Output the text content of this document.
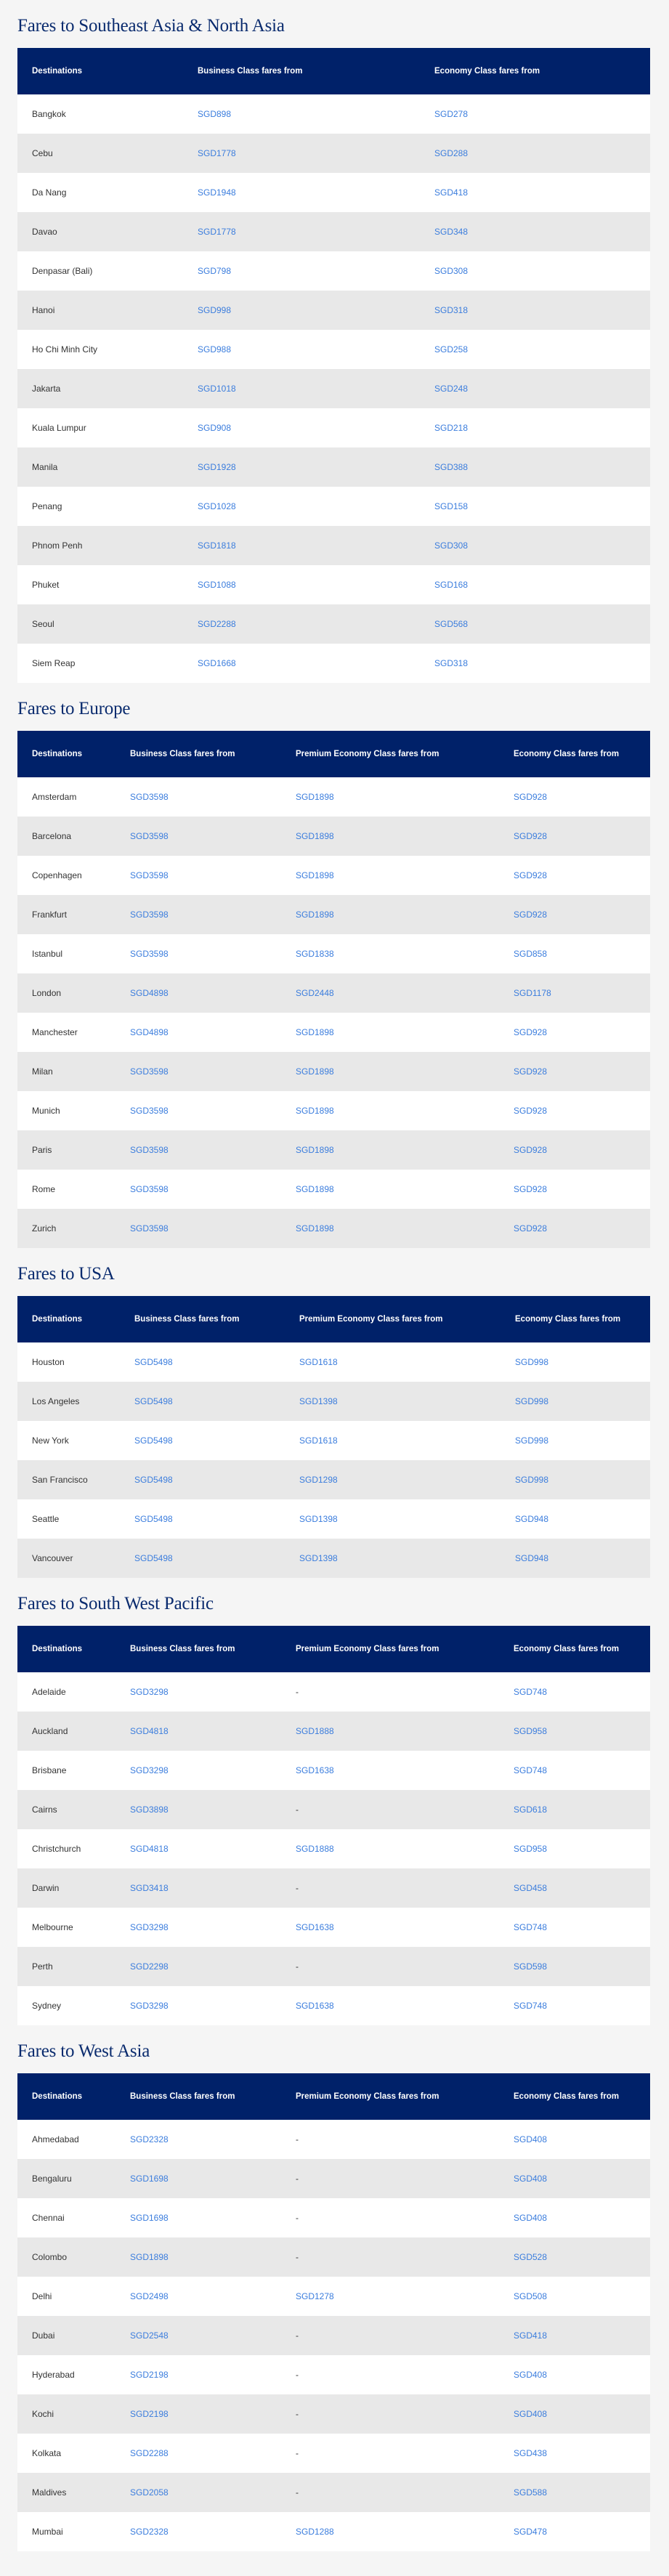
Fares to Southeast Asia & North Asia
Destinations	Business Class fares from	Economy Class fares from
Bangkok	SGD898	SGD278
Cebu	SGD1778	SGD288
Da Nang	SGD1948	SGD418
Davao	SGD1778	SGD348
Denpasar (Bali)	SGD798	SGD308
Hanoi	SGD998	SGD318
Ho Chi Minh City	SGD988	SGD258
Jakarta	SGD1018	SGD248
Kuala Lumpur	SGD908	SGD218
Manila	SGD1928	SGD388
Penang	SGD1028	SGD158
Phnom Penh	SGD1818	SGD308
Phuket	SGD1088	SGD168
Seoul	SGD2288	SGD568
Siem Reap	SGD1668	SGD318
Fares to Europe
Destinations	Business Class fares from	Premium Economy Class fares from	Economy Class fares from
Amsterdam	SGD3598	SGD1898	SGD928
Barcelona	SGD3598	SGD1898	SGD928
Copenhagen	SGD3598	SGD1898	SGD928
Frankfurt	SGD3598	SGD1898	SGD928
Istanbul	SGD3598	SGD1838	SGD858
London	SGD4898	SGD2448	SGD1178
Manchester	SGD4898	SGD1898	SGD928
Milan	SGD3598	SGD1898	SGD928
Munich	SGD3598	SGD1898	SGD928
Paris	SGD3598	SGD1898	SGD928
Rome	SGD3598	SGD1898	SGD928
Zurich	SGD3598	SGD1898	SGD928
Fares to USA
Destinations	Business Class fares from	Premium Economy Class fares from	Economy Class fares from
Houston	SGD5498	SGD1618	SGD998
Los Angeles	SGD5498	SGD1398	SGD998
New York	SGD5498	SGD1618	SGD998
San Francisco	SGD5498	SGD1298	SGD998
Seattle	SGD5498	SGD1398	SGD948
Vancouver	SGD5498	SGD1398	SGD948
Fares to South West Pacific
Destinations	Business Class fares from	Premium Economy Class fares from	Economy Class fares from
Adelaide	SGD3298	-	SGD748
Auckland	SGD4818	SGD1888	SGD958
Brisbane	SGD3298	SGD1638	SGD748
Cairns	SGD3898	-	SGD618
Christchurch	SGD4818	SGD1888	SGD958
Darwin	SGD3418	-	SGD458
Melbourne	SGD3298	SGD1638	SGD748
Perth	SGD2298	-	SGD598
Sydney	SGD3298	SGD1638	SGD748
Fares to West Asia
Destinations	Business Class fares from	Premium Economy Class fares from	Economy Class fares from
Ahmedabad	SGD2328	-	SGD408
Bengaluru	SGD1698	-	SGD408
Chennai	SGD1698	-	SGD408
Colombo	SGD1898	-	SGD528
Delhi	SGD2498	SGD1278	SGD508
Dubai	SGD2548	-	SGD418
Hyderabad	SGD2198	-	SGD408
Kochi	SGD2198	-	SGD408
Kolkata	SGD2288	-	SGD438
Maldives	SGD2058	-	SGD588
Mumbai	SGD2328	SGD1288	SGD478
